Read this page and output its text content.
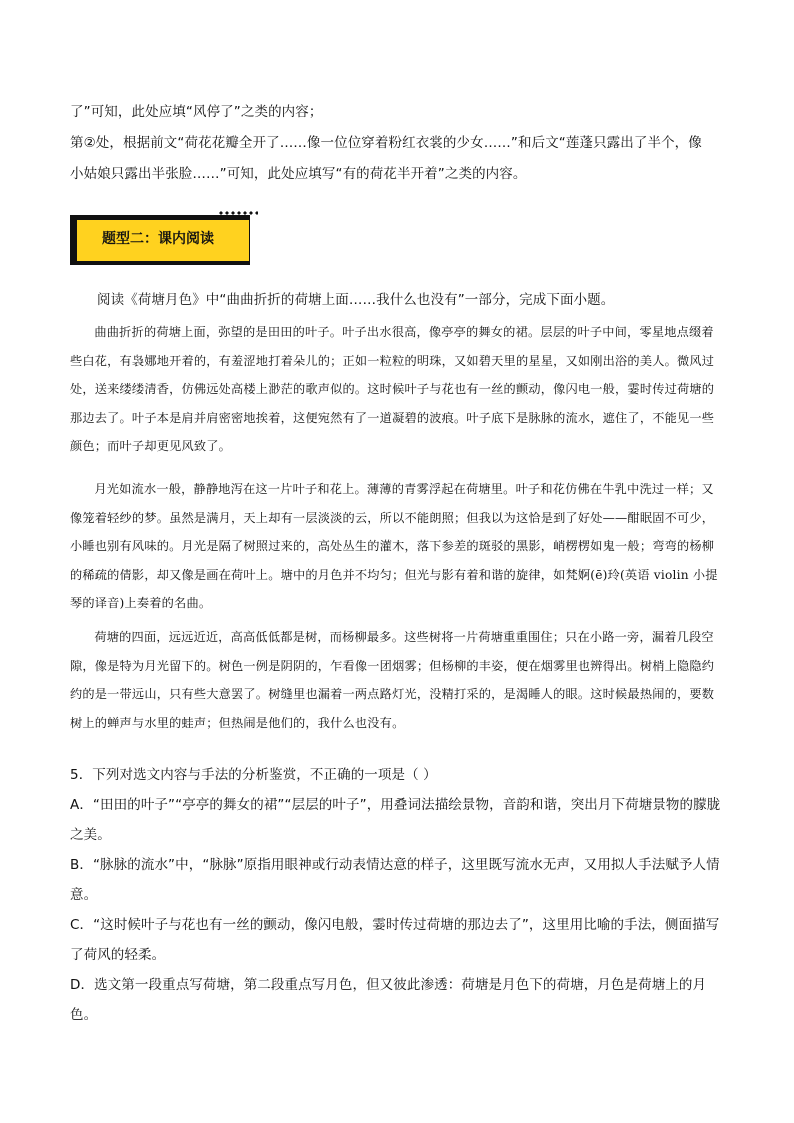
了”可知，此处应填“风停了”之类的内容；

第②处，根据前文“荷花花瓣全开了……像一位位穿着粉红衣裳的少女……”和后文“莲蓬只露出了半个，像

小姑娘只露出半张脸……”可知，此处应填写“有的荷花半开着”之类的内容。

题型二：课内阅读

阅读《荷塘月色》中“曲曲折折的荷塘上面……我什么也没有”一部分，完成下面小题。

曲曲折折的荷塘上面，弥望的是田田的叶子。叶子出水很高，像亭亭的舞女的裙。层层的叶子中间，零星地点缀着些白花，有袅娜地开着的，有羞涩地打着朵儿的；正如一粒粒的明珠，又如碧天里的星星，又如刚出浴的美人。微风过处，送来缕缕清香，仿佛远处高楼上渺茫的歌声似的。这时候叶子与花也有一丝的颤动，像闪电一般，霎时传过荷塘的那边去了。叶子本是肩并肩密密地挨着，这便宛然有了一道凝碧的波痕。叶子底下是脉脉的流水，遮住了，不能见一些颜色；而叶子却更见风致了。

月光如流水一般，静静地泻在这一片叶子和花上。薄薄的青雾浮起在荷塘里。叶子和花仿佛在牛乳中洗过一样；又像笼着轻纱的梦。虽然是满月，天上却有一层淡淡的云，所以不能朗照；但我以为这恰是到了好处——酣眠固不可少，小睡也别有风味的。月光是隔了树照过来的，高处丛生的灌木，落下参差的斑驳的黑影，峭楞楞如鬼一般；弯弯的杨柳的稀疏的倩影，却又像是画在荷叶上。塘中的月色并不均匀；但光与影有着和谐的旋律，如梵婀(ē)玲(英语 violin 小提琴的译音)上奏着的名曲。

荷塘的四面，远远近近，高高低低都是树，而杨柳最多。这些树将一片荷塘重重围住；只在小路一旁，漏着几段空隙，像是特为月光留下的。树色一例是阴阴的，乍看像一团烟雾；但杨柳的丰姿，便在烟雾里也辨得出。树梢上隐隐约约的是一带远山，只有些大意罢了。树缝里也漏着一两点路灯光，没精打采的，是渴睡人的眼。这时候最热闹的，要数树上的蝉声与水里的蛙声；但热闹是他们的，我什么也没有。

5．下列对选文内容与手法的分析鉴赏，不正确的一项是（ ）

A．“田田的叶子”“亭亭的舞女的裙”“层层的叶子”，用叠词法描绘景物，音韵和谐，突出月下荷塘景物的朦胧之美。

B．“脉脉的流水”中，“脉脉”原指用眼神或行动表情达意的样子，这里既写流水无声，又用拟人手法赋予人情意。

C．“这时候叶子与花也有一丝的颤动，像闪电般，霎时传过荷塘的那边去了”，这里用比喻的手法，侧面描写了荷风的轻柔。

D．选文第一段重点写荷塘，第二段重点写月色，但又彼此渗透：荷塘是月色下的荷塘，月色是荷塘上的月色。
